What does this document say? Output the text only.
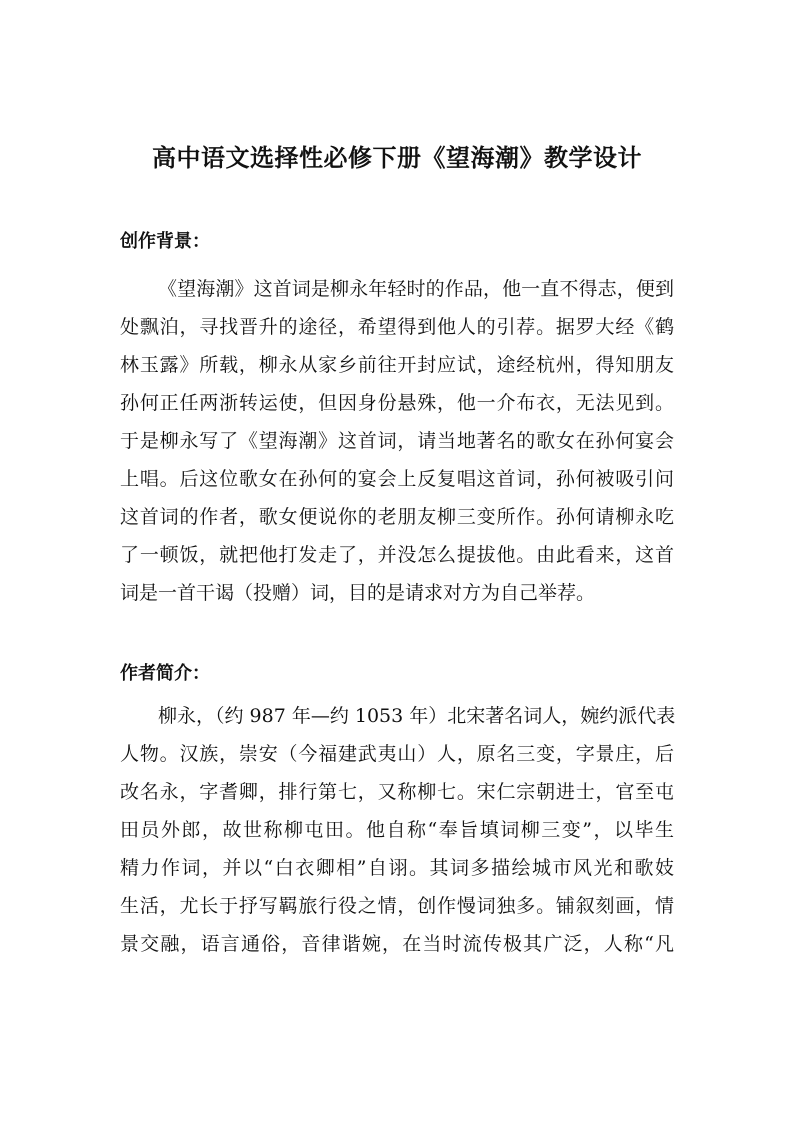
高中语文选择性必修下册《望海潮》教学设计
创作背景：
《望海潮》这首词是柳永年轻时的作品，他一直不得志，便到
处飘泊，寻找晋升的途径，希望得到他人的引荐。据罗大经《鹤
林玉露》所载，柳永从家乡前往开封应试，途经杭州，得知朋友
孙何正任两浙转运使，但因身份悬殊，他一介布衣，无法见到。
于是柳永写了《望海潮》这首词，请当地著名的歌女在孙何宴会
上唱。后这位歌女在孙何的宴会上反复唱这首词，孙何被吸引问
这首词的作者，歌女便说你的老朋友柳三变所作。孙何请柳永吃
了一顿饭，就把他打发走了，并没怎么提拔他。由此看来，这首
词是一首干谒（投赠）词，目的是请求对方为自己举荐。
作者简介：
柳永，（约 987 年—约 1053 年）北宋著名词人，婉约派代表
人物。汉族，崇安（今福建武夷山）人，原名三变，字景庄，后
改名永，字耆卿，排行第七，又称柳七。宋仁宗朝进士，官至屯
田员外郎，故世称柳屯田。他自称“奉旨填词柳三变”，以毕生
精力作词，并以“白衣卿相”自诩。其词多描绘城市风光和歌妓
生活，尤长于抒写羁旅行役之情，创作慢词独多。铺叙刻画，情
景交融，语言通俗，音律谐婉，在当时流传极其广泛，人称“凡
